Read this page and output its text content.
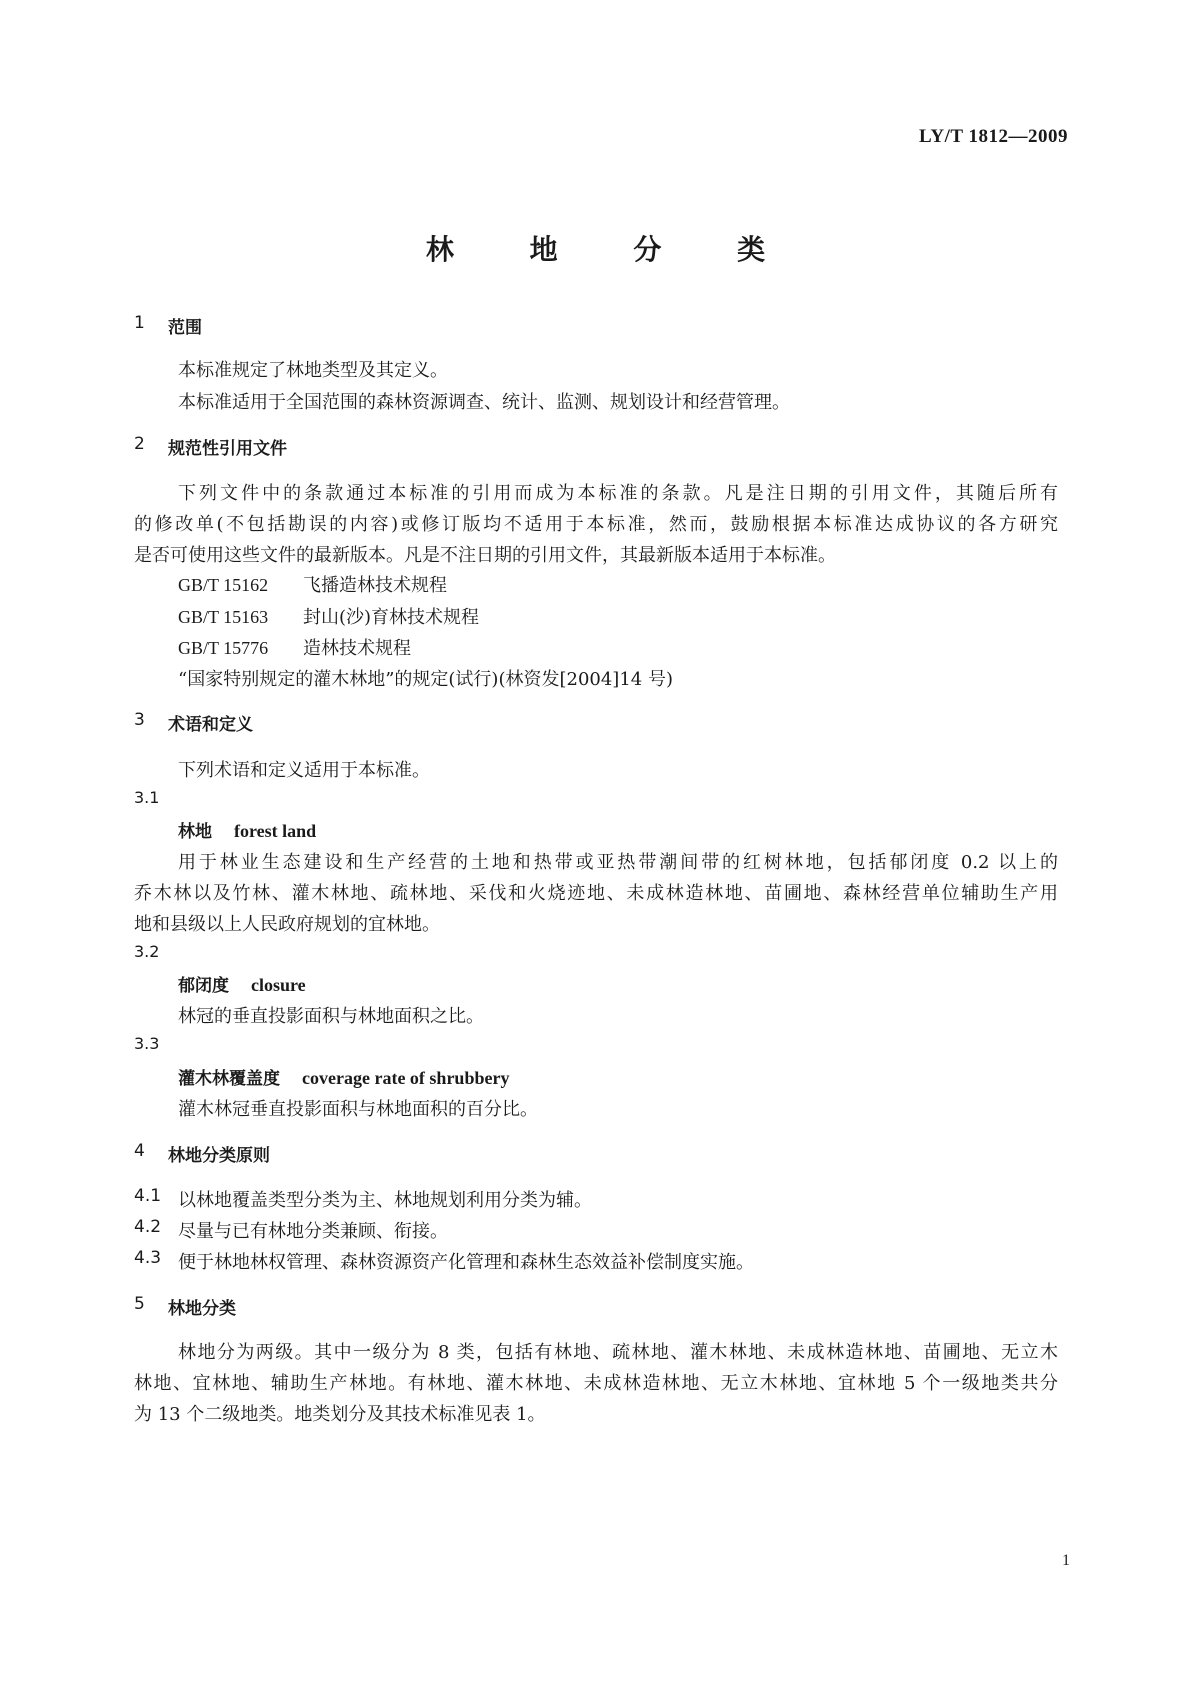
LY/T 1812—2009
林 地 分 类
1 范围
本标准规定了林地类型及其定义。
本标准适用于全国范围的森林资源调查、统计、监测、规划设计和经营管理。
2 规范性引用文件
下列文件中的条款通过本标准的引用而成为本标准的条款。凡是注日期的引用文件，其随后所有
的修改单(不包括勘误的内容)或修订版均不适用于本标准，然而，鼓励根据本标准达成协议的各方研究
是否可使用这些文件的最新版本。凡是不注日期的引用文件，其最新版本适用于本标准。
GB/T 15162 飞播造林技术规程
GB/T 15163 封山(沙)育林技术规程
GB/T 15776 造林技术规程
“国家特别规定的灌木林地”的规定(试行)(林资发[2004]14 号)
3 术语和定义
下列术语和定义适用于本标准。
3.1
林地 forest land
用于林业生态建设和生产经营的土地和热带或亚热带潮间带的红树林地，包括郁闭度 0.2 以上的
乔木林以及竹林、灌木林地、疏林地、采伐和火烧迹地、未成林造林地、苗圃地、森林经营单位辅助生产用
地和县级以上人民政府规划的宜林地。
3.2
郁闭度 closure
林冠的垂直投影面积与林地面积之比。
3.3
灌木林覆盖度 coverage rate of shrubbery
灌木林冠垂直投影面积与林地面积的百分比。
4 林地分类原则
4.1 以林地覆盖类型分类为主、林地规划利用分类为辅。
4.2 尽量与已有林地分类兼顾、衔接。
4.3 便于林地林权管理、森林资源资产化管理和森林生态效益补偿制度实施。
5 林地分类
林地分为两级。其中一级分为 8 类，包括有林地、疏林地、灌木林地、未成林造林地、苗圃地、无立木
林地、宜林地、辅助生产林地。有林地、灌木林地、未成林造林地、无立木林地、宜林地 5 个一级地类共分
为 13 个二级地类。地类划分及其技术标准见表 1。
1
